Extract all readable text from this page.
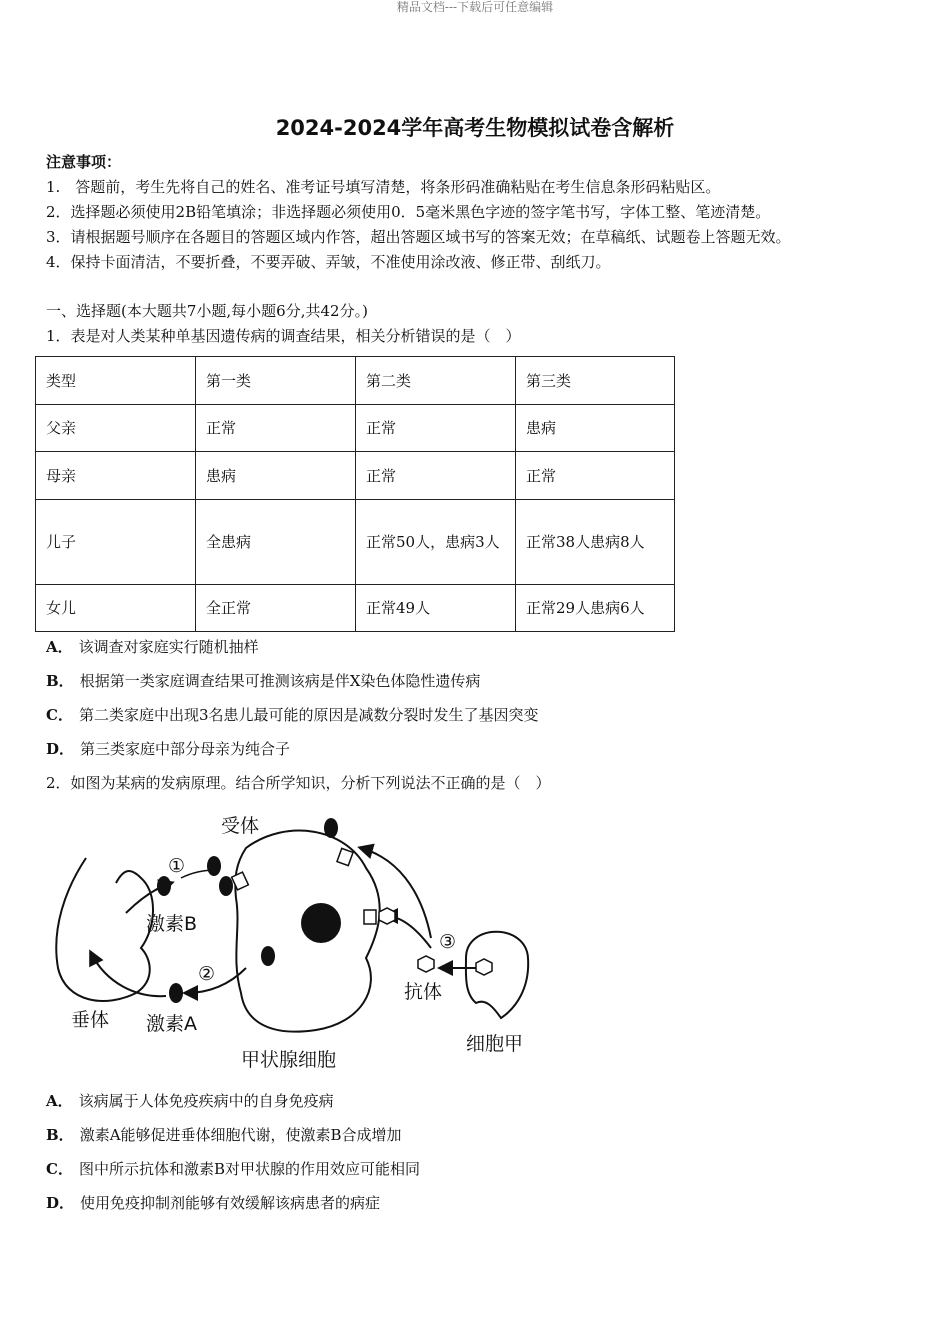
精品文档---下载后可任意编辑
2024-2024学年高考生物模拟试卷含解析
注意事项：
1.　答题前，考生先将自己的姓名、准考证号填写清楚，将条形码准确粘贴在考生信息条形码粘贴区。
2．选择题必须使用2B铅笔填涂；非选择题必须使用0．5毫米黑色字迹的签字笔书写，字体工整、笔迹清楚。
3．请根据题号顺序在各题目的答题区域内作答，超出答题区域书写的答案无效；在草稿纸、试题卷上答题无效。
4．保持卡面清洁，不要折叠，不要弄破、弄皱，不准使用涂改液、修正带、刮纸刀。
一、选择题(本大题共7小题,每小题6分,共42分。)
1．表是对人类某种单基因遗传病的调查结果，相关分析错误的是（　）
类型	第一类	第二类	第三类
父亲	正常	正常	患病
母亲	患病	正常	正常
儿子	全患病	正常50人，患病3人	正常38人患病8人
女儿	全正常	正常49人	正常29人患病6人
A． 该调查对家庭实行随机抽样
B． 根据第一类家庭调查结果可推测该病是伴X染色体隐性遗传病
C． 第二类家庭中出现3名患儿最可能的原因是减数分裂时发生了基因突变
D． 第三类家庭中部分母亲为纯合子
2．如图为某病的发病原理。结合所学知识，分析下列说法不正确的是（　）
受体
激素B
激素A
垂体
甲状腺细胞
抗体
细胞甲
①
②
③
A． 该病属于人体免疫疾病中的自身免疫病
B． 激素A能够促进垂体细胞代谢，使激素B合成增加
C． 图中所示抗体和激素B对甲状腺的作用效应可能相同
D． 使用免疫抑制剂能够有效缓解该病患者的病症
